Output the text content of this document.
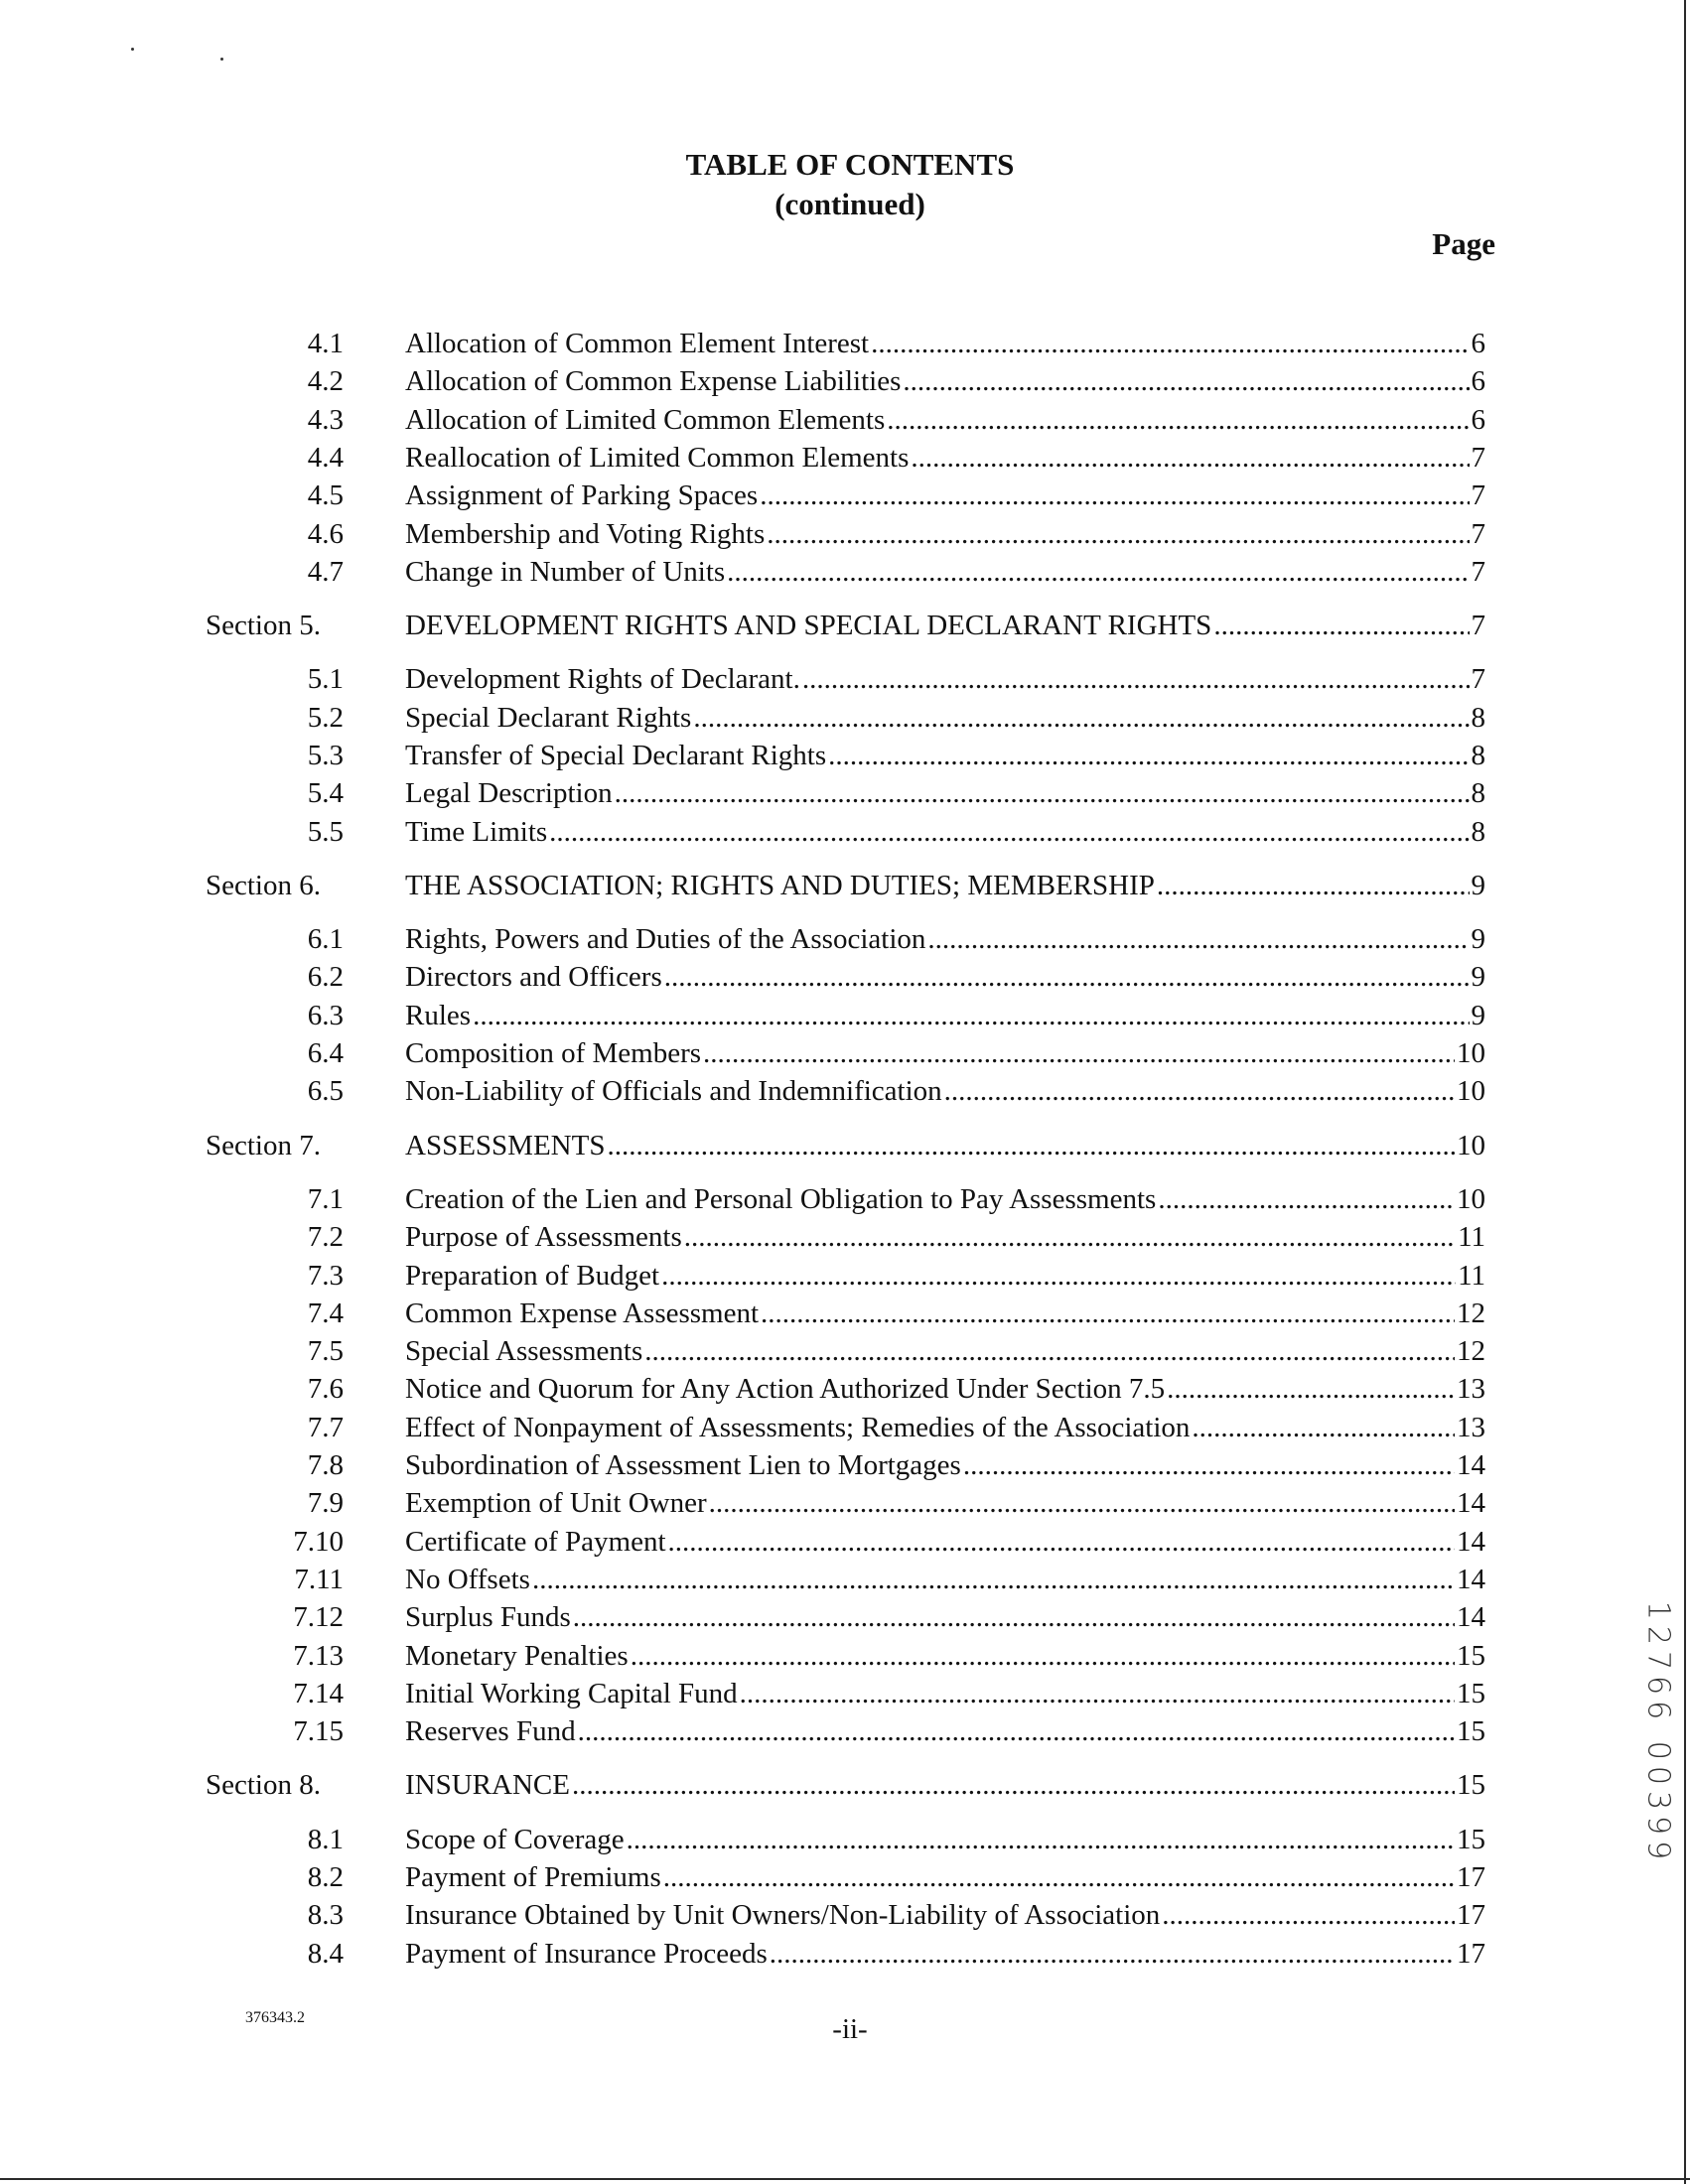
TABLE OF CONTENTS
(continued)
Page
4.1 Allocation of Common Element Interest .....	6
4.2 Allocation of Common Expense Liabilities .....	6
4.3 Allocation of Limited Common Elements .....	6
4.4 Reallocation of Limited Common Elements .....	7
4.5 Assignment of Parking Spaces .....	7
4.6 Membership and Voting Rights .....	7
4.7 Change in Number of Units .....	7
Section 5.	DEVELOPMENT RIGHTS AND SPECIAL DECLARANT RIGHTS .....	7
5.1 Development Rights of Declarant. .....	7
5.2 Special Declarant Rights .....	8
5.3 Transfer of Special Declarant Rights .....	8
5.4 Legal Description .....	8
5.5 Time Limits .....	8
Section 6.	THE ASSOCIATION; RIGHTS AND DUTIES; MEMBERSHIP .....	9
6.1 Rights, Powers and Duties of the Association .....	9
6.2 Directors and Officers .....	9
6.3 Rules .....	9
6.4 Composition of Members .....	10
6.5 Non-Liability of Officials and Indemnification .....	10
Section 7.	ASSESSMENTS .....	10
7.1 Creation of the Lien and Personal Obligation to Pay Assessments .....	10
7.2 Purpose of Assessments .....	11
7.3 Preparation of Budget .....	11
7.4 Common Expense Assessment .....	12
7.5 Special Assessments .....	12
7.6 Notice and Quorum for Any Action Authorized Under Section 7.5 .....	13
7.7 Effect of Nonpayment of Assessments; Remedies of the Association .....	13
7.8 Subordination of Assessment Lien to Mortgages .....	14
7.9 Exemption of Unit Owner .....	14
7.10 Certificate of Payment .....	14
7.11 No Offsets .....	14
7.12 Surplus Funds .....	14
7.13 Monetary Penalties .....	15
7.14 Initial Working Capital Fund .....	15
7.15 Reserves Fund .....	15
Section 8.	INSURANCE .....	15
8.1 Scope of Coverage .....	15
8.2 Payment of Premiums .....	17
8.3 Insurance Obtained by Unit Owners/Non-Liability of Association .....	17
8.4 Payment of Insurance Proceeds .....	17
376343.2	-ii-
12766 00399
